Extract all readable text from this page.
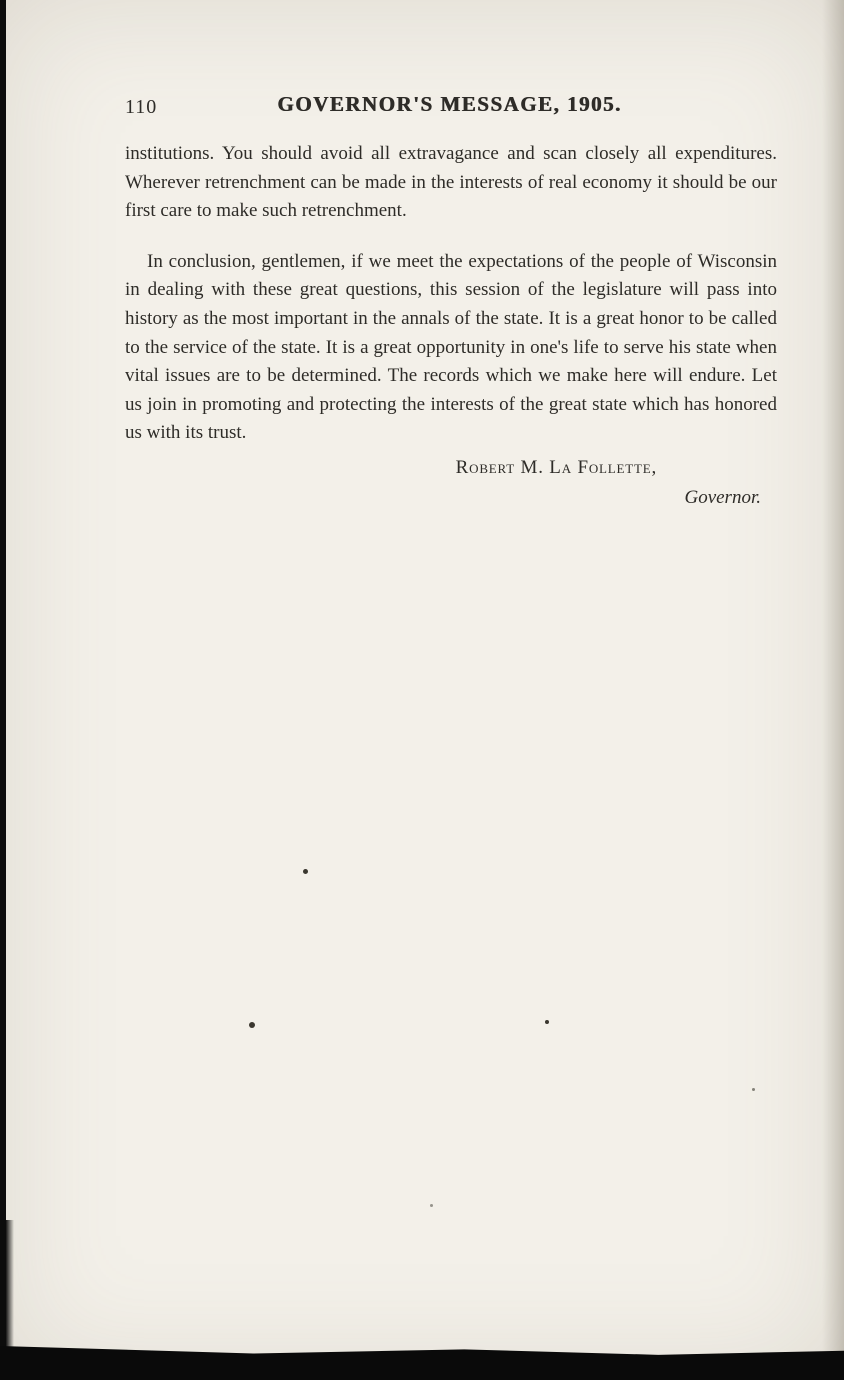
110	GOVERNOR'S MESSAGE, 1905.

institutions. You should avoid all extravagance and scan closely all expenditures. Wherever retrenchment can be made in the interests of real economy it should be our first care to make such retrenchment.

In conclusion, gentlemen, if we meet the expectations of the people of Wisconsin in dealing with these great questions, this session of the legislature will pass into history as the most important in the annals of the state. It is a great honor to be called to the service of the state. It is a great opportunity in one's life to serve his state when vital issues are to be determined. The records which we make here will endure. Let us join in promoting and protecting the interests of the great state which has honored us with its trust.

Robert M. La Follette,
Governor.
